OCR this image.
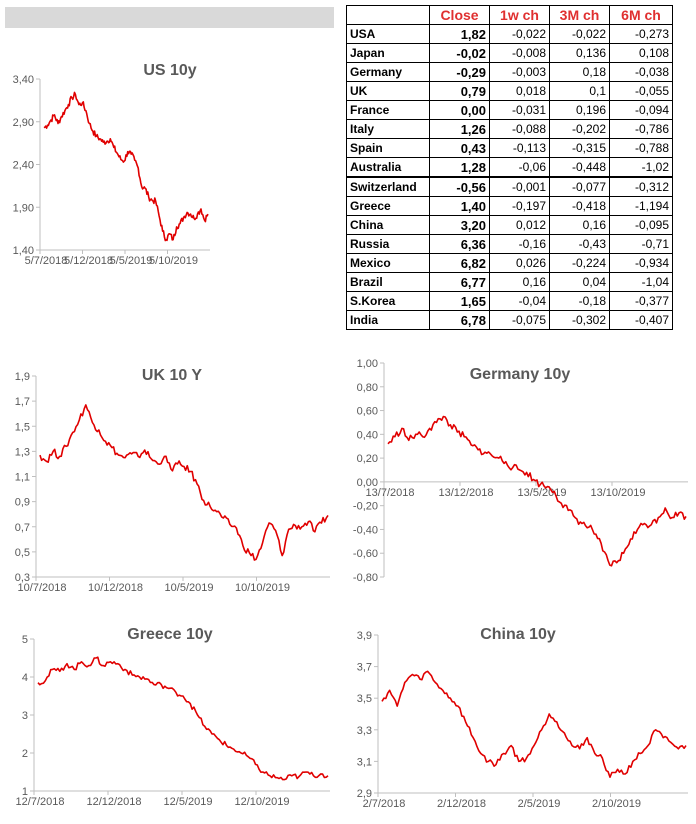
	Close	1w ch	3M ch	6M ch
USA	1,82	-0,022	-0,022	-0,273
Japan	-0,02	-0,008	0,136	0,108
Germany	-0,29	-0,003	0,18	-0,038
UK	0,79	0,018	0,1	-0,055
France	0,00	-0,031	0,196	-0,094
Italy	1,26	-0,088	-0,202	-0,786
Spain	0,43	-0,113	-0,315	-0,788
Australia	1,28	-0,06	-0,448	-1,02
Switzerland	-0,56	-0,001	-0,077	-0,312
Greece	1,40	-0,197	-0,418	-1,194
China	3,20	0,012	0,16	-0,095
Russia	6,36	-0,16	-0,43	-0,71
Mexico	6,82	0,026	-0,224	-0,934
Brazil	6,77	0,16	0,04	-1,04
S.Korea	1,65	-0,04	-0,18	-0,377
India	6,78	-0,075	-0,302	-0,407
US 10y
1,40
1,90
2,40
2,90
3,40
5/7/2018
5/12/2018
5/5/2019
5/10/2019
UK 10 Y
0,3
0,5
0,7
0,9
1,1
1,3
1,5
1,7
1,9
10/7/2018 10/12/2018 10/5/2019 10/10/2019
Germany 10y
-0,80
-0,60
-0,40
-0,20
0,00
0,20
0,40
0,60
0,80
1,00
13/7/2018 13/12/2018 13/5/2019 13/10/2019
Greece 10y
1
2
3
4
5
12/7/2018 12/12/2018 12/5/2019 12/10/2019
China 10y
2,9
3,1
3,3
3,5
3,7
3,9
2/7/2018	2/12/2018	2/5/2019	2/10/2019
